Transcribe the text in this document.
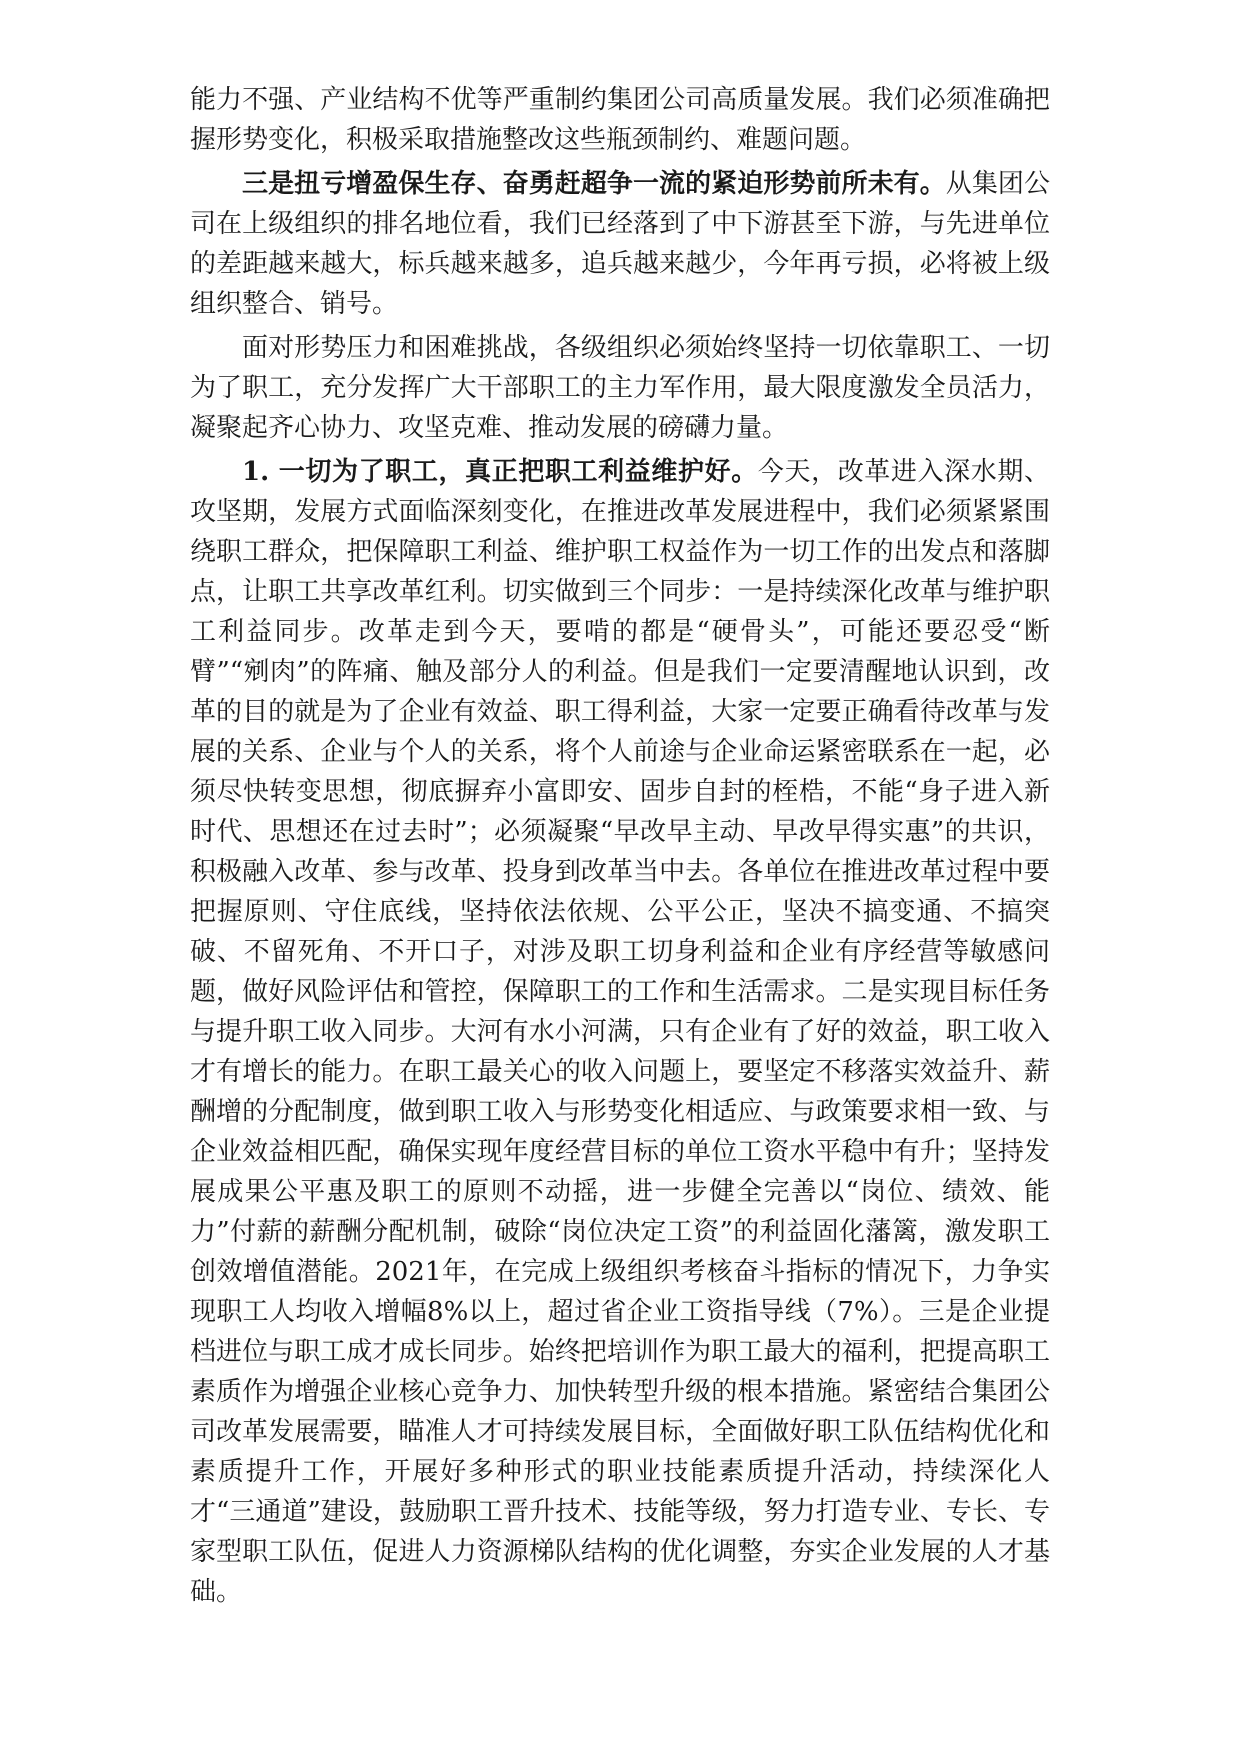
能力不强、产业结构不优等严重制约集团公司高质量发展。我们必须准确把握形势变化，积极采取措施整改这些瓶颈制约、难题问题。

三是扭亏增盈保生存、奋勇赶超争一流的紧迫形势前所未有。从集团公司在上级组织的排名地位看，我们已经落到了中下游甚至下游，与先进单位的差距越来越大，标兵越来越多，追兵越来越少，今年再亏损，必将被上级组织整合、销号。

面对形势压力和困难挑战，各级组织必须始终坚持一切依靠职工、一切为了职工，充分发挥广大干部职工的主力军作用，最大限度激发全员活力，凝聚起齐心协力、攻坚克难、推动发展的磅礴力量。

1. 一切为了职工，真正把职工利益维护好。今天，改革进入深水期、攻坚期，发展方式面临深刻变化，在推进改革发展进程中，我们必须紧紧围绕职工群众，把保障职工利益、维护职工权益作为一切工作的出发点和落脚点，让职工共享改革红利。切实做到三个同步：一是持续深化改革与维护职工利益同步。改革走到今天，要啃的都是“硬骨头”，可能还要忍受“断臂”“剜肉”的阵痛、触及部分人的利益。但是我们一定要清醒地认识到，改革的目的就是为了企业有效益、职工得利益，大家一定要正确看待改革与发展的关系、企业与个人的关系，将个人前途与企业命运紧密联系在一起，必须尽快转变思想，彻底摒弃小富即安、固步自封的桎梏，不能“身子进入新时代、思想还在过去时”；必须凝聚“早改早主动、早改早得实惠”的共识，积极融入改革、参与改革、投身到改革当中去。各单位在推进改革过程中要把握原则、守住底线，坚持依法依规、公平公正，坚决不搞变通、不搞突破、不留死角、不开口子，对涉及职工切身利益和企业有序经营等敏感问题，做好风险评估和管控，保障职工的工作和生活需求。二是实现目标任务与提升职工收入同步。大河有水小河满，只有企业有了好的效益，职工收入才有增长的能力。在职工最关心的收入问题上，要坚定不移落实效益升、薪酬增的分配制度，做到职工收入与形势变化相适应、与政策要求相一致、与企业效益相匹配，确保实现年度经营目标的单位工资水平稳中有升；坚持发展成果公平惠及职工的原则不动摇，进一步健全完善以“岗位、绩效、能力”付薪的薪酬分配机制，破除“岗位决定工资”的利益固化藩篱，激发职工创效增值潜能。2021年，在完成上级组织考核奋斗指标的情况下，力争实现职工人均收入增幅8%以上，超过省企业工资指导线（7%）。三是企业提档进位与职工成才成长同步。始终把培训作为职工最大的福利，把提高职工素质作为增强企业核心竞争力、加快转型升级的根本措施。紧密结合集团公司改革发展需要，瞄准人才可持续发展目标，全面做好职工队伍结构优化和素质提升工作，开展好多种形式的职业技能素质提升活动，持续深化人才“三通道”建设，鼓励职工晋升技术、技能等级，努力打造专业、专长、专家型职工队伍，促进人力资源梯队结构的优化调整，夯实企业发展的人才基础。
